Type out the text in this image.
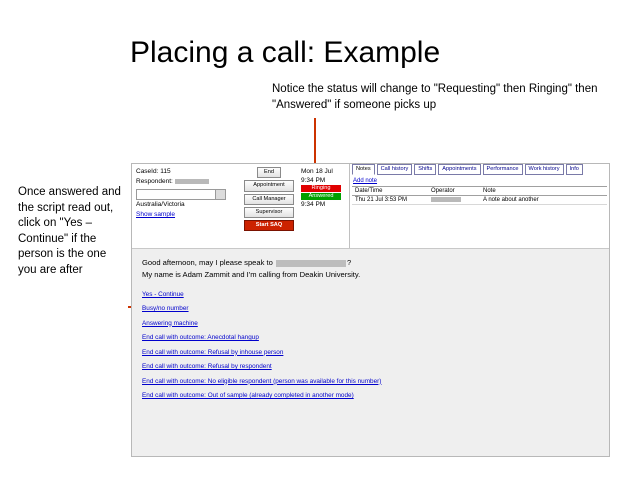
Placing a call: Example
Notice the status will change to "Requesting" then Ringing" then "Answered" if someone picks up
Once answered and the script read out, click on "Yes – Continue" if the person is the one you are after
CaseId: 115
Respondent:
Australia/Victoria
Show sample
End
Appointment
Call Manager
Supervisor
Start SAQ
Mon 18 Jul
9:34 PM
Ringing
Answered
9:34 PM
Notes	Call history	Shifts	Appointments	Performance	Work history	Info
Add note
Date/Time	Operator	Note
Thu 21 Jul 3:53 PM		A note about another
Good afternoon, may I please speak to	?
My name is Adam Zammit and I'm calling from Deakin University.
Yes - Continue
Busy/no number
Answering machine
End call with outcome: Anecdotal hangup
End call with outcome: Refusal by inhouse person
End call with outcome: Refusal by respondent
End call with outcome: No eligible respondent (person was available for this number)
End call with outcome: Out of sample (already completed in another mode)
